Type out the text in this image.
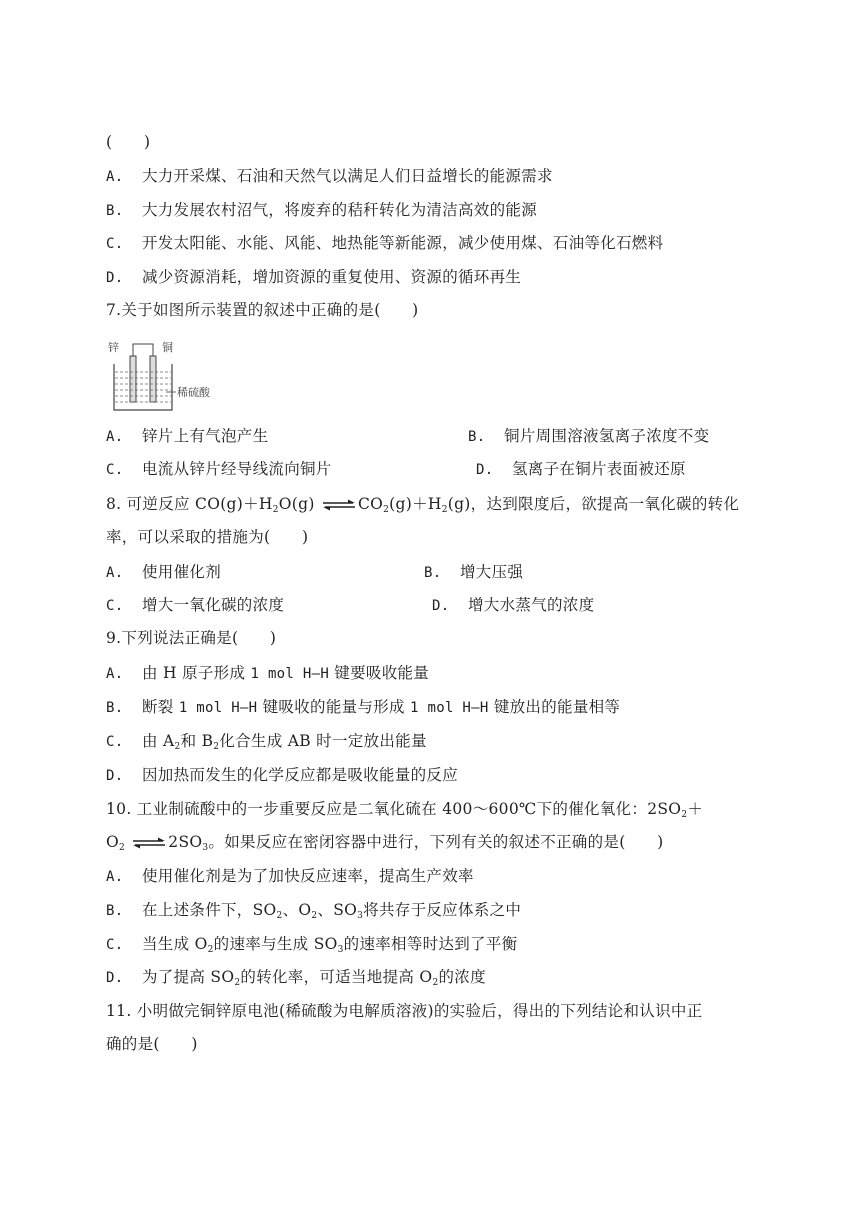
(　　)
A. 大力开采煤、石油和天然气以满足人们日益增长的能源需求
B. 大力发展农村沼气，将废弃的秸秆转化为清洁高效的能源
C. 开发太阳能、水能、风能、地热能等新能源，减少使用煤、石油等化石燃料
D. 减少资源消耗，增加资源的重复使用、资源的循环再生
7.关于如图所示装置的叙述中正确的是(　　)
锌	铜
稀硫酸
A. 锌片上有气泡产生	B. 铜片周围溶液氢离子浓度不变
C. 电流从锌片经导线流向铜片	D. 氢离子在铜片表面被还原
8. 可逆反应 $CO(g)+H_2O(g)$ ⇌ $CO_2(g)+H_2(g)$，达到限度后，欲提高一氧化碳的转化
率，可以采取的措施为(　　)
A. 使用催化剂	B. 增大压强
C. 增大一氧化碳的浓度	D. 增大水蒸气的浓度
9.下列说法正确是(　　)
A. 由 H 原子形成 1 mol H—H 键要吸收能量
B. 断裂 1 mol H—H 键吸收的能量与形成 1 mol H—H 键放出的能量相等
C. 由 $A_2$和 $B_2$化合生成 AB 时一定放出能量
D. 因加热而发生的化学反应都是吸收能量的反应
10. 工业制硫酸中的一步重要反应是二氧化硫在 400～600℃下的催化氧化：$2SO_2+$
$O_2$ ⇌ $2SO_3$。如果反应在密闭容器中进行，下列有关的叙述不正确的是(　　)
A. 使用催化剂是为了加快反应速率，提高生产效率
B. 在上述条件下，$SO_2$、$O_2$、$SO_3$将共存于反应体系之中
C. 当生成 $O_2$的速率与生成 $SO_3$的速率相等时达到了平衡
D. 为了提高 $SO_2$的转化率，可适当地提高 $O_2$的浓度
11. 小明做完铜锌原电池(稀硫酸为电解质溶液)的实验后，得出的下列结论和认识中正
确的是(　　)
